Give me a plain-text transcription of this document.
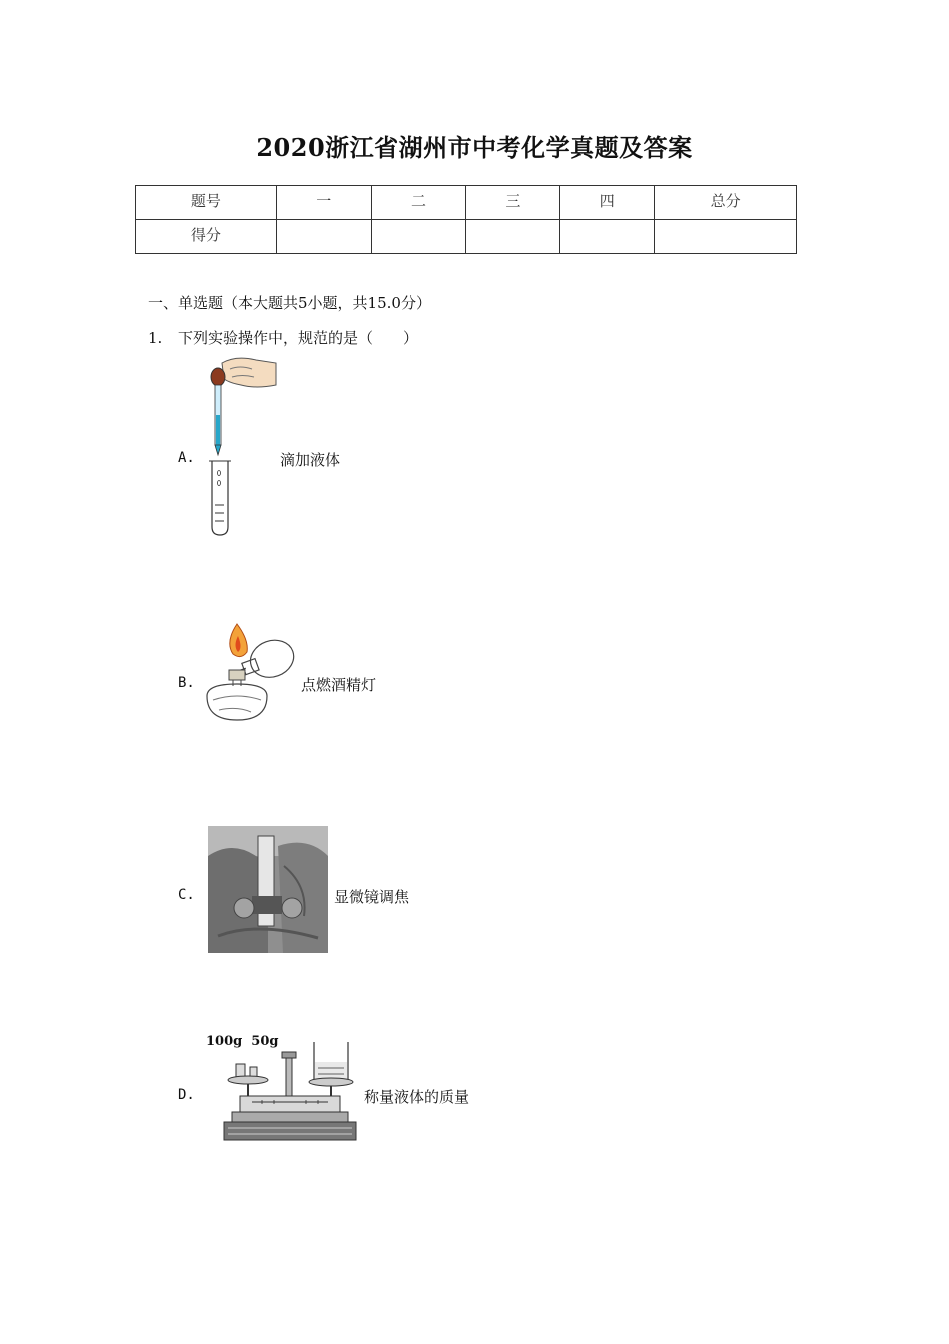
2020浙江省湖州市中考化学真题及答案
题号	一	二	三	四	总分
得分					
一、单选题（本大题共5小题，共15.0分）
1. 下列实验操作中，规范的是（　　）
A.	滴加液体
B.	点燃酒精灯
C.	显微镜调焦
D.
100g 50g
称量液体的质量
